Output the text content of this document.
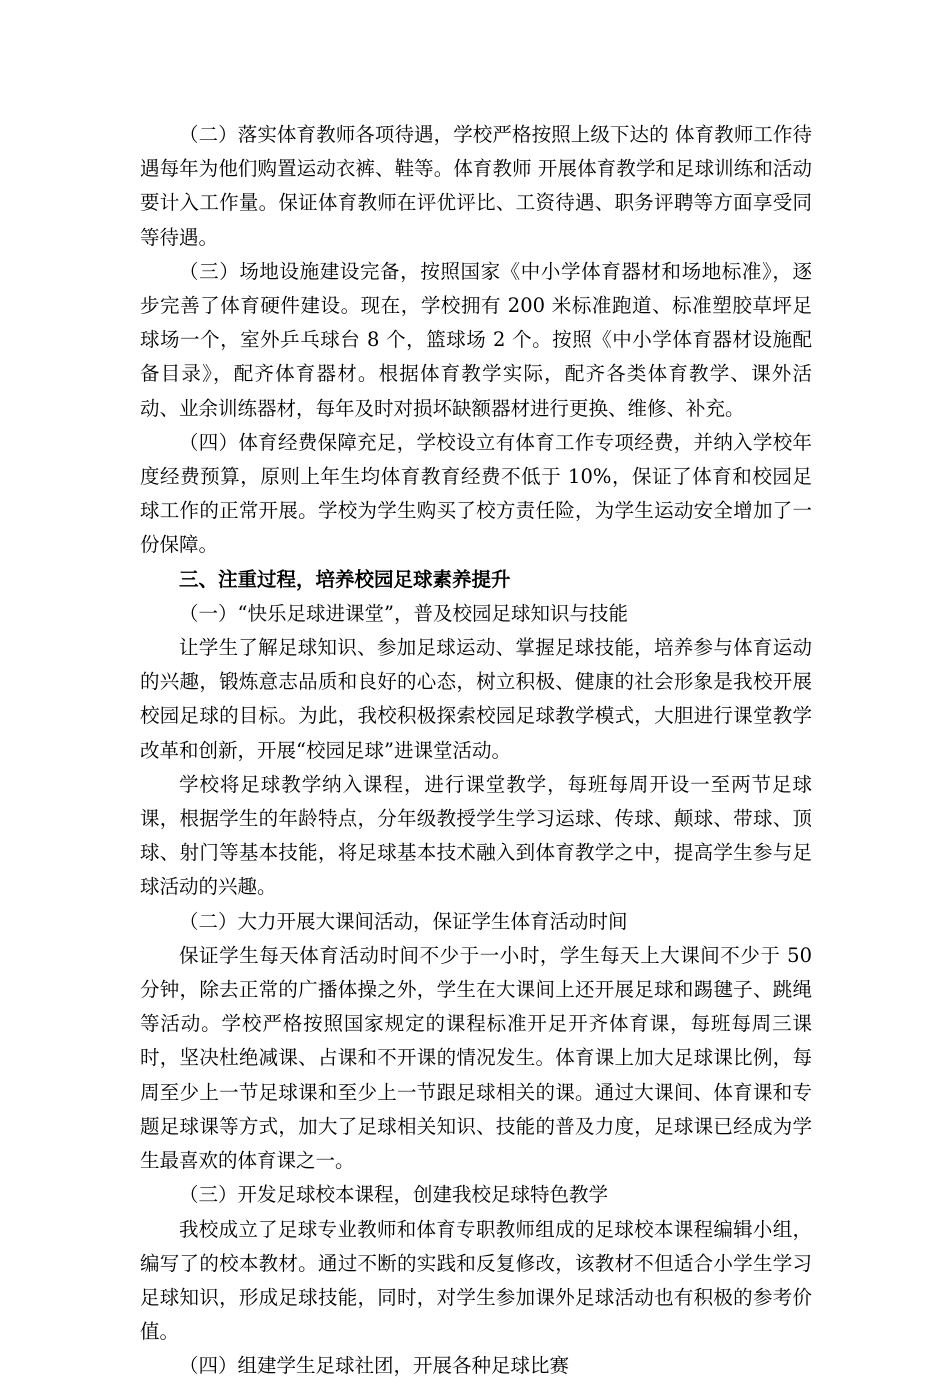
（二）落实体育教师各项待遇，学校严格按照上级下达的 体育教师工作待遇每年为他们购置运动衣裤、鞋等。体育教师 开展体育教学和足球训练和活动要计入工作量。保证体育教师在评优评比、工资待遇、职务评聘等方面享受同等待遇。

（三）场地设施建设完备，按照国家《中小学体育器材和场地标准》，逐步完善了体育硬件建设。现在，学校拥有 200 米标准跑道、标准塑胶草坪足球场一个，室外乒乓球台 8 个，篮球场 2 个。按照《中小学体育器材设施配备目录》，配齐体育器材。根据体育教学实际，配齐各类体育教学、课外活动、业余训练器材，每年及时对损坏缺额器材进行更换、维修、补充。

（四）体育经费保障充足，学校设立有体育工作专项经费，并纳入学校年度经费预算，原则上年生均体育教育经费不低于 10%，保证了体育和校园足球工作的正常开展。学校为学生购买了校方责任险，为学生运动安全增加了一份保障。

三、注重过程，培养校园足球素养提升

（一）“快乐足球进课堂”，普及校园足球知识与技能

让学生了解足球知识、参加足球运动、掌握足球技能，培养参与体育运动的兴趣，锻炼意志品质和良好的心态，树立积极、健康的社会形象是我校开展校园足球的目标。为此，我校积极探索校园足球教学模式，大胆进行课堂教学改革和创新，开展“校园足球”进课堂活动。

学校将足球教学纳入课程，进行课堂教学，每班每周开设一至两节足球课，根据学生的年龄特点，分年级教授学生学习运球、传球、颠球、带球、顶球、射门等基本技能，将足球基本技术融入到体育教学之中，提高学生参与足球活动的兴趣。

（二）大力开展大课间活动，保证学生体育活动时间

保证学生每天体育活动时间不少于一小时，学生每天上大课间不少于 50 分钟，除去正常的广播体操之外，学生在大课间上还开展足球和踢毽子、跳绳等活动。学校严格按照国家规定的课程标准开足开齐体育课，每班每周三课时，坚决杜绝减课、占课和不开课的情况发生。体育课上加大足球课比例，每周至少上一节足球课和至少上一节跟足球相关的课。通过大课间、体育课和专题足球课等方式，加大了足球相关知识、技能的普及力度，足球课已经成为学生最喜欢的体育课之一。

（三）开发足球校本课程，创建我校足球特色教学

我校成立了足球专业教师和体育专职教师组成的足球校本课程编辑小组，编写了的校本教材。通过不断的实践和反复修改，该教材不但适合小学生学习足球知识，形成足球技能，同时，对学生参加课外足球活动也有积极的参考价值。

（四）组建学生足球社团，开展各种足球比赛
